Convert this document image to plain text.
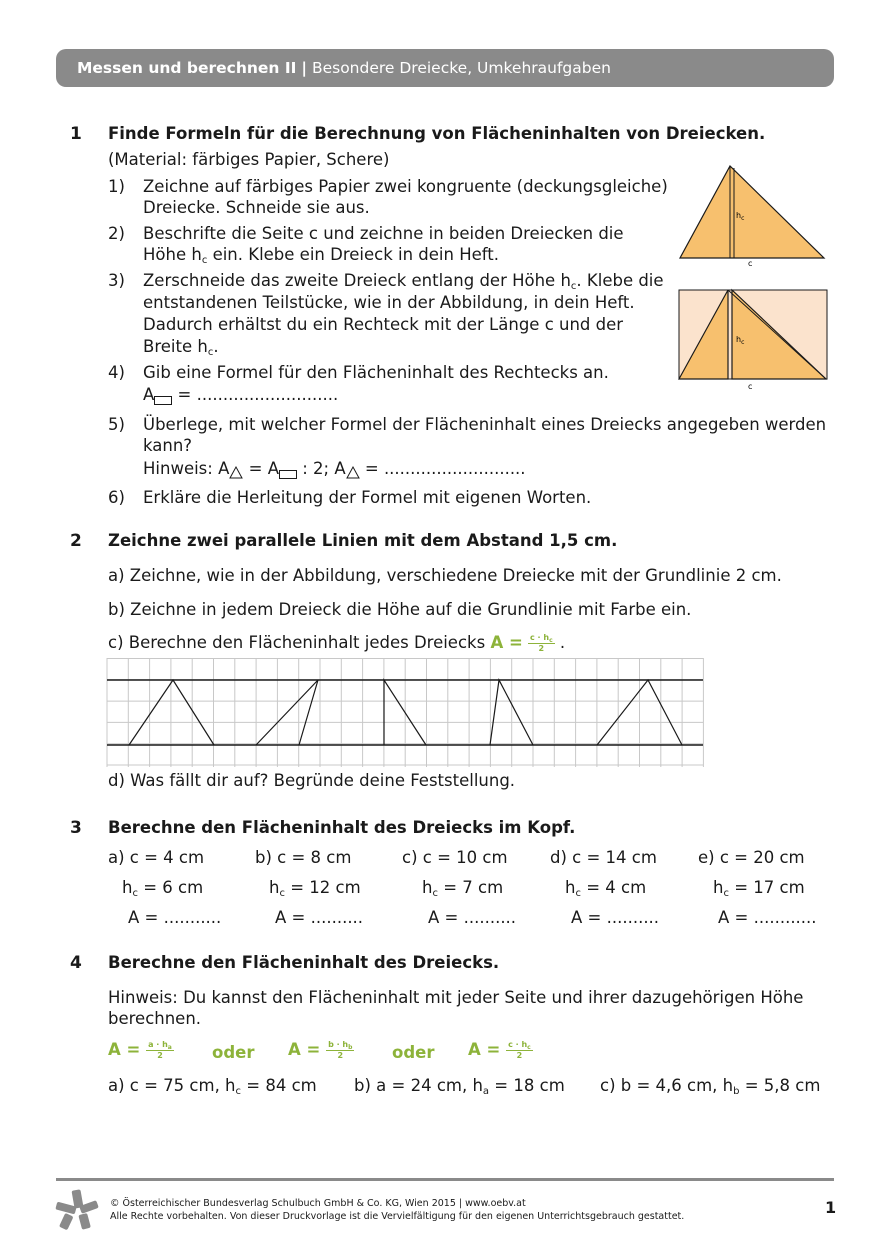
Messen und berechnen II | Besondere Dreiecke, Umkehraufgaben
1 Finde Formeln für die Berechnung von Flächeninhalten von Dreiecken.
(Material: färbiges Papier, Schere)
1) Zeichne auf färbiges Papier zwei kongruente (deckungsgleiche)
Dreiecke. Schneide sie aus.
2) Beschrifte die Seite c und zeichne in beiden Dreiecken die
Höhe $h_c$ ein. Klebe ein Dreieck in dein Heft.
3) Zerschneide das zweite Dreieck entlang der Höhe $h_c$. Klebe die
entstandenen Teilstücke, wie in der Abbildung, in dein Heft.
Dadurch erhältst du ein Rechteck mit der Länge c und der
Breite $h_c$.
4) Gib eine Formel für den Flächeninhalt des Rechtecks an.
A = ...........................
5) Überlege, mit welcher Formel der Flächeninhalt eines Dreiecks angegeben werden
kann?
Hinweis: A = A : 2; A = ...........................
6) Erkläre die Herleitung der Formel mit eigenen Worten.
$h_c$
c
$h_c$
c
2 Zeichne zwei parallele Linien mit dem Abstand 1,5 cm.
a) Zeichne, wie in der Abbildung, verschiedene Dreiecke mit der Grundlinie 2 cm.
b) Zeichne in jedem Dreieck die Höhe auf die Grundlinie mit Farbe ein.
c) Berechne den Flächeninhalt jedes Dreiecks $A = \frac{c \cdot h_c}{2}$ .
d) Was fällt dir auf? Begründe deine Feststellung.
3 Berechne den Flächeninhalt des Dreiecks im Kopf.
a) c = 4 cm	b) c = 8 cm	c) c = 10 cm	d) c = 14 cm e) c = 20 cm
$h_c = 6$ cm	$h_c = 12$ cm	$h_c = 7$ cm	$h_c = 4$ cm	$h_c = 17$ cm
A = ...........	A = ..........	A = ..........	A = ..........	A = ............
4 Berechne den Flächeninhalt des Dreiecks.
Hinweis: Du kannst den Flächeninhalt mit jeder Seite und ihrer dazugehörigen Höhe
berechnen.
$A = \frac{a \cdot h_a}{2}$ oder $A = \frac{b \cdot h_b}{2}$ oder $A = \frac{c \cdot h_c}{2}$
a) c = 75 cm, $h_c = 84$ cm b) a = 24 cm, $h_a = 18$ cm c) b = 4,6 cm, $h_b = 5,8$ cm
© Österreichischer Bundesverlag Schulbuch GmbH & Co. KG, Wien 2015 | www.oebv.at
Alle Rechte vorbehalten. Von dieser Druckvorlage ist die Vervielfältigung für den eigenen Unterrichtsgebrauch gestattet.	1
